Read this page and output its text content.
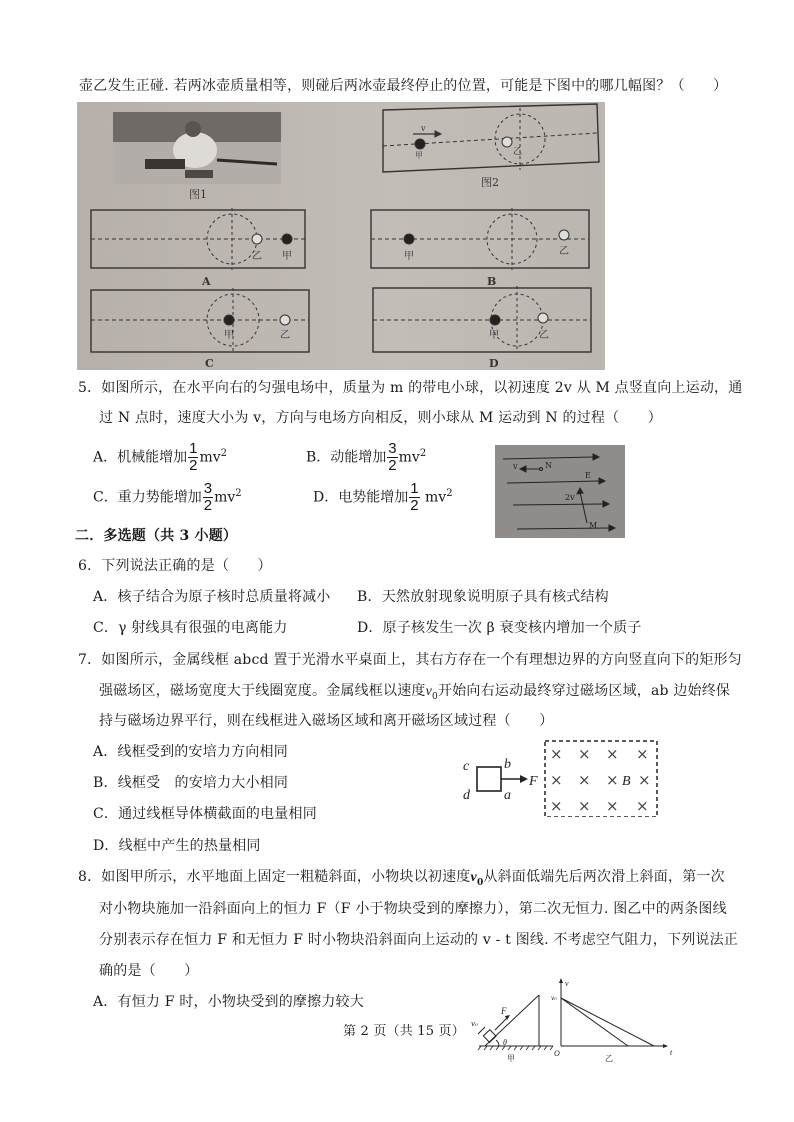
壶乙发生正碰. 若两冰壶质量相等，则碰后两冰壶最终停止的位置，可能是下图中的哪几幅图？（　　）
图1
v
甲	乙
图2
乙 甲
A
甲	乙
B
甲	乙
C
甲	乙
D
5．如图所示，在水平向右的匀强电场中，质量为 m 的带电小球，以初速度 2v 从 M 点竖直向上运动，通
过 N 点时，速度大小为 v，方向与电场方向相反，则小球从 M 运动到 N 的过程（　　）
A．机械能增加 $\frac{1}{2} mv^2$	B．动能增加 $\frac{3}{2} mv^2$
C．重力势能增加 $\frac{3}{2} mv^2$	D．电势能增加 $\frac{1}{2} mv^2$
v	N
E
2v
M
二．多选题（共 3 小题）
6．下列说法正确的是（　　）
A．核子结合为原子核时总质量将减小 B．天然放射现象说明原子具有核式结构
C．γ 射线具有很强的电离能力	D．原子核发生一次 β 衰变核内增加一个质子
7．如图所示，金属线框 abcd 置于光滑水平桌面上，其右方存在一个有理想边界的方向竖直向下的矩形匀
强磁场区，磁场宽度大于线圈宽度。金属线框以速度$v_0$开始向右运动最终穿过磁场区域，ab 边始终保
持与磁场边界平行，则在线框进入磁场区域和离开磁场区域过程（　　）
A．线框受到的安培力方向相同
B．线框受　的安培力大小相同
C．通过线框导体横截面的电量相同
D．线框中产生的热量相同
c b
d a
F
× × × ×
× × × ×
× × × ×
B
8．如图甲所示，水平地面上固定一粗糙斜面，小物块以初速度$v_0$从斜面低端先后两次滑上斜面，第一次
对小物块施加一沿斜面向上的恒力 F（F 小于物块受到的摩擦力），第二次无恒力. 图乙中的两条图线
分别表示存在恒力 F 和无恒力 F 时小物块沿斜面向上运动的 v - t 图线. 不考虑空气阻力，下列说法正
确的是（　　）
A．有恒力 F 时，小物块受到的摩擦力较大
F
v₀
θ
甲
v
v₀
O	t
乙
第 2 页（共 15 页）
